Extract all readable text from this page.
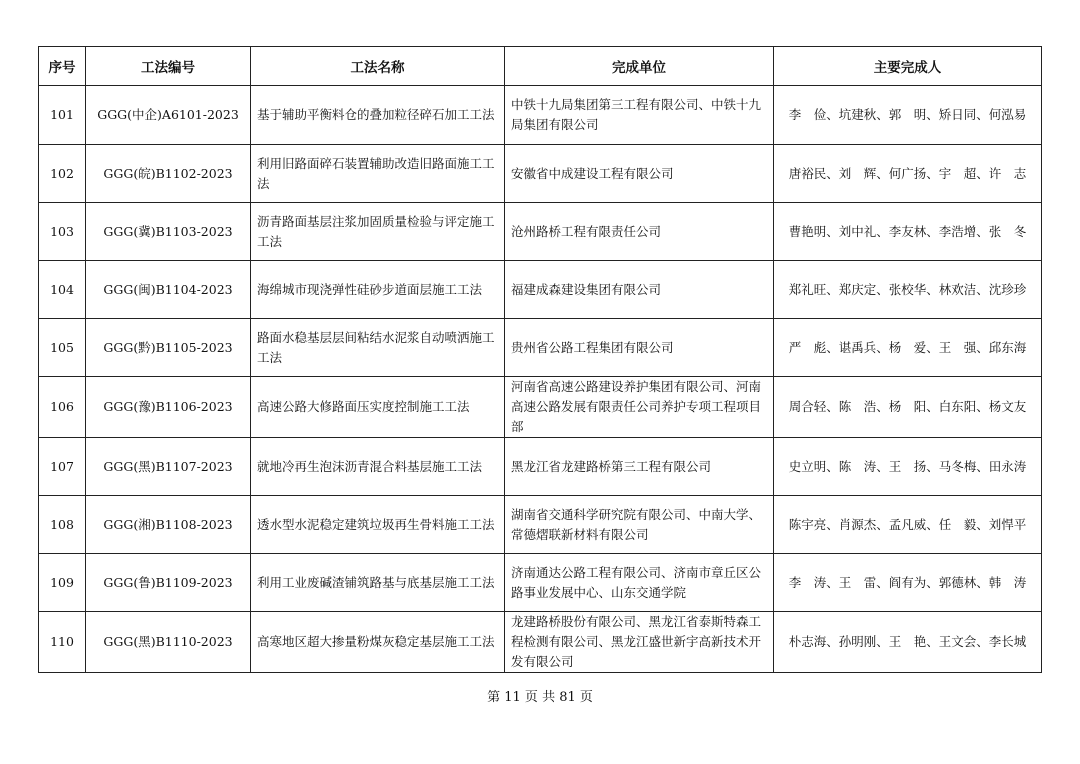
序号	工法编号	工法名称	完成单位	主要完成人
101	GGG(中企)A6101-2023	基于辅助平衡料仓的叠加粒径碎石加工工法	中铁十九局集团第三工程有限公司、中铁十九局集团有限公司	李　俭、坑建秋、郭　明、矫日同、何泓易
102	GGG(皖)B1102-2023	利用旧路面碎石装置辅助改造旧路面施工工法	安徽省中成建设工程有限公司	唐裕民、刘　辉、何广扬、宇　超、许　志
103	GGG(冀)B1103-2023	沥青路面基层注浆加固质量检验与评定施工工法	沧州路桥工程有限责任公司	曹艳明、刘中礼、李友林、李浩增、张　冬
104	GGG(闽)B1104-2023	海绵城市现浇弹性硅砂步道面层施工工法	福建成森建设集团有限公司	郑礼旺、郑庆定、张校华、林欢洁、沈珍珍
105	GGG(黔)B1105-2023	路面水稳基层层间粘结水泥浆自动喷洒施工工法	贵州省公路工程集团有限公司	严　彪、谌禹兵、杨　爱、王　强、邱东海
106	GGG(豫)B1106-2023	高速公路大修路面压实度控制施工工法	河南省高速公路建设养护集团有限公司、河南高速公路发展有限责任公司养护专项工程项目部	周合轻、陈　浩、杨　阳、白东阳、杨文友
107	GGG(黑)B1107-2023	就地冷再生泡沫沥青混合料基层施工工法	黑龙江省龙建路桥第三工程有限公司	史立明、陈　涛、王　扬、马冬梅、田永涛
108	GGG(湘)B1108-2023	透水型水泥稳定建筑垃圾再生骨料施工工法	湖南省交通科学研究院有限公司、中南大学、常德熠联新材料有限公司	陈宇亮、肖源杰、孟凡威、任　毅、刘悍平
109	GGG(鲁)B1109-2023	利用工业废碱渣铺筑路基与底基层施工工法	济南通达公路工程有限公司、济南市章丘区公路事业发展中心、山东交通学院	李　涛、王　雷、阎有为、郭德林、韩　涛
110	GGG(黑)B1110-2023	高寒地区超大掺量粉煤灰稳定基层施工工法	龙建路桥股份有限公司、黑龙江省泰斯特森工程检测有限公司、黑龙江盛世新宇高新技术开发有限公司	朴志海、孙明刚、王　艳、王文会、李长城
第 11 页 共 81 页
